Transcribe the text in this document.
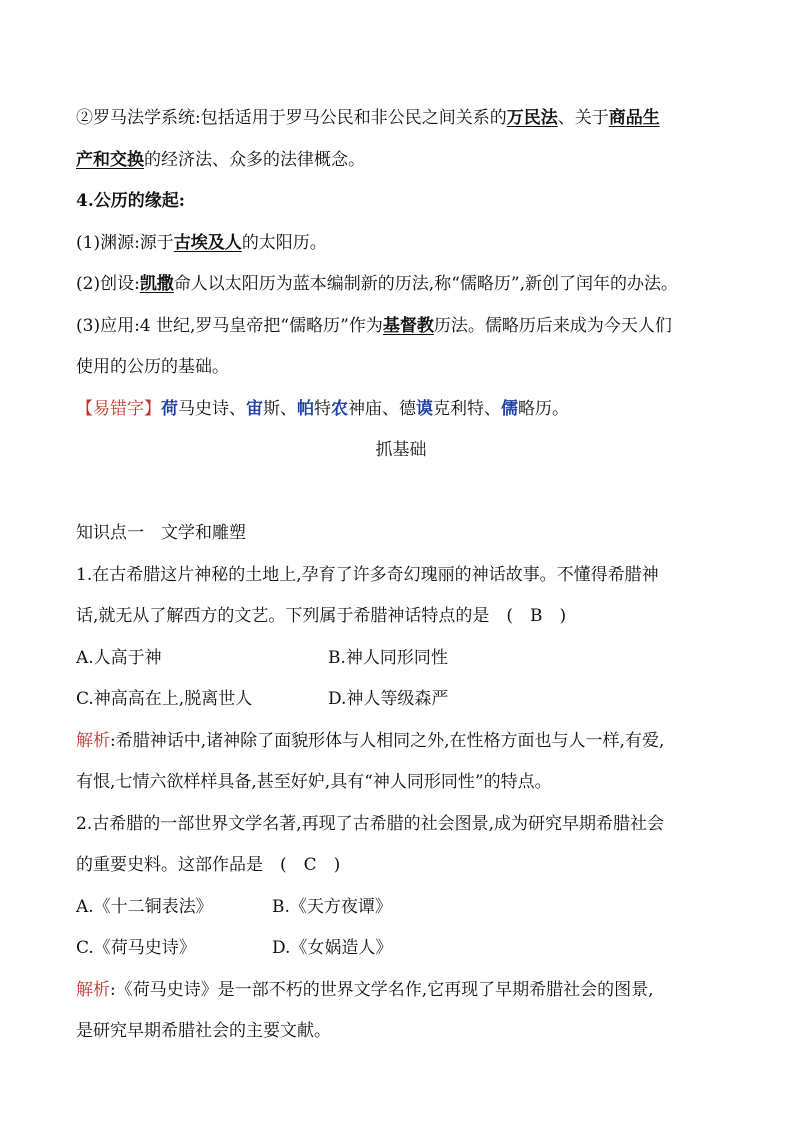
②罗马法学系统:包括适用于罗马公民和非公民之间关系的万民法、关于商品生
产和交换的经济法、众多的法律概念。
4.公历的缘起:
(1)渊源:源于古埃及人的太阳历。
(2)创设:凯撒命人以太阳历为蓝本编制新的历法,称“儒略历”,新创了闰年的办法。
(3)应用:4 世纪,罗马皇帝把“儒略历”作为基督教历法。儒略历后来成为今天人们
使用的公历的基础。
【易错字】荷马史诗、宙斯、帕特农神庙、德谟克利特、儒略历。
抓基础
知识点一　文学和雕塑
1.在古希腊这片神秘的土地上,孕育了许多奇幻瑰丽的神话故事。不懂得希腊神
话,就无从了解西方的文艺。下列属于希腊神话特点的是　(　B　)
A.人高于神	B.神人同形同性
C.神高高在上,脱离世人	D.神人等级森严
解析:希腊神话中,诸神除了面貌形体与人相同之外,在性格方面也与人一样,有爱,
有恨,七情六欲样样具备,甚至好妒,具有“神人同形同性”的特点。
2.古希腊的一部世界文学名著,再现了古希腊的社会图景,成为研究早期希腊社会
的重要史料。这部作品是　(　C　)
A.《十二铜表法》	B.《天方夜谭》
C.《荷马史诗》	D.《女娲造人》
解析:《荷马史诗》是一部不朽的世界文学名作,它再现了早期希腊社会的图景,
是研究早期希腊社会的主要文献。
